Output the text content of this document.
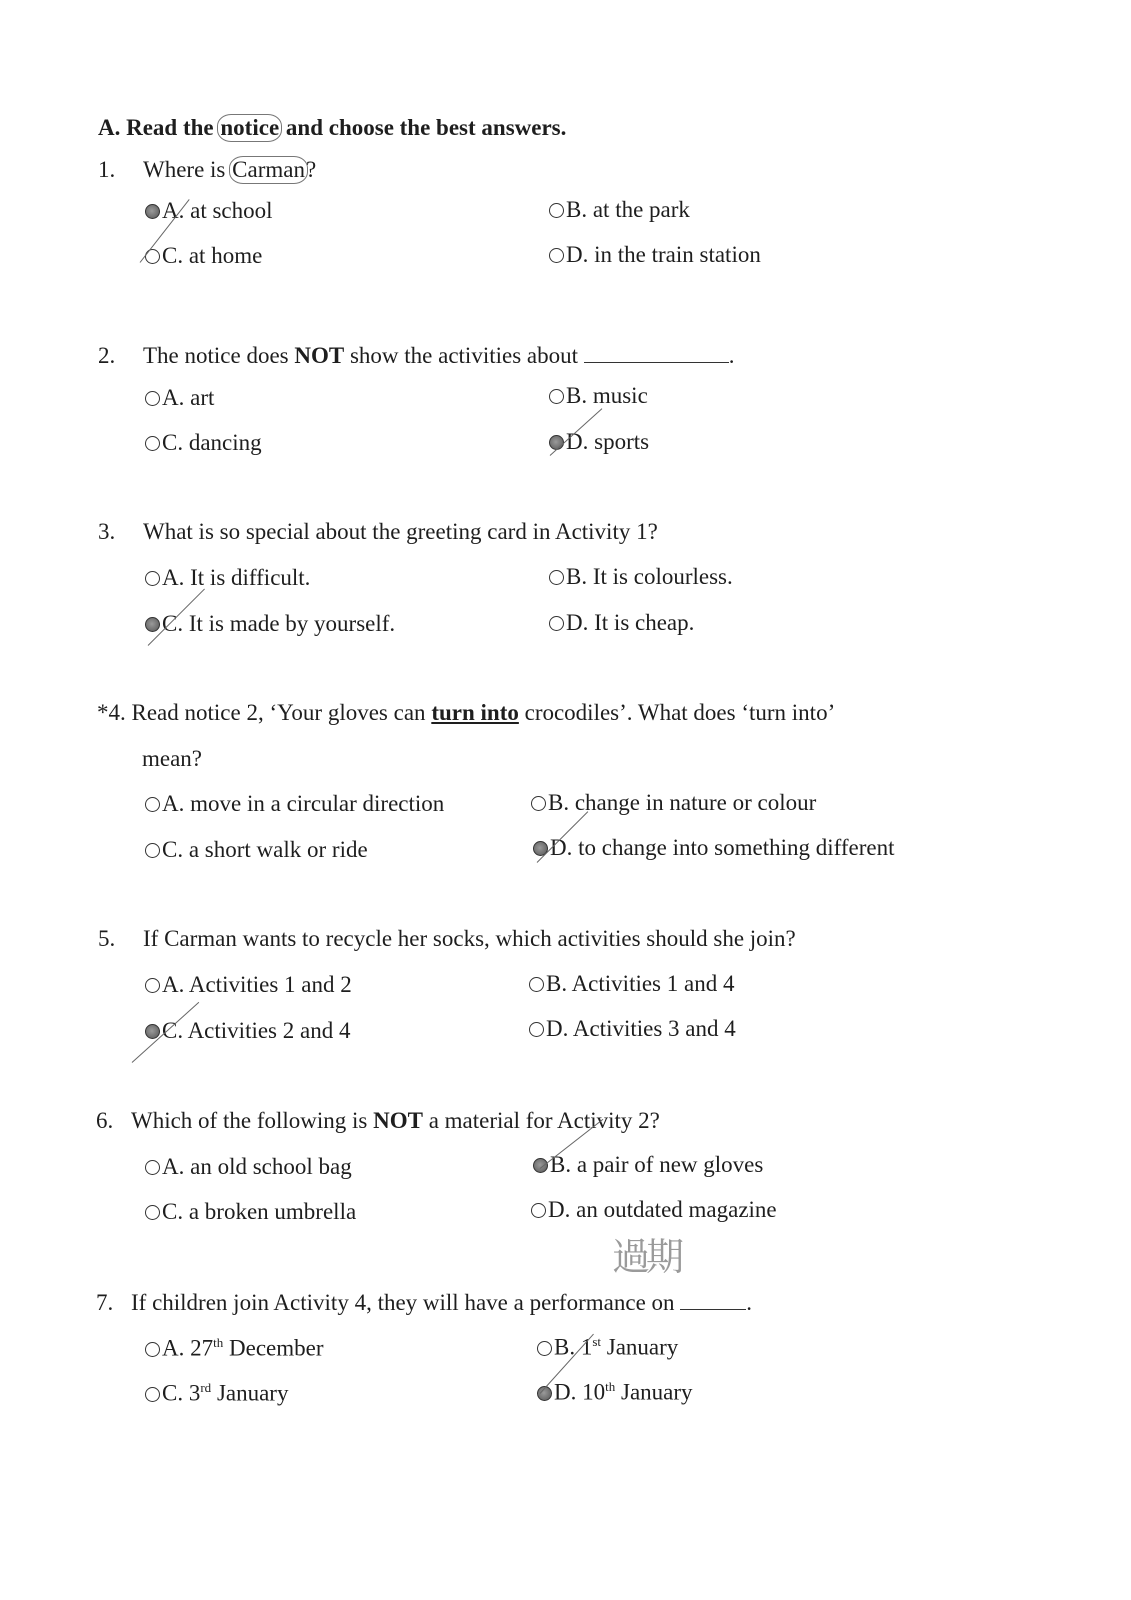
A. Read the notice and choose the best answers.
1. Where is Carman?
A. at school	B. at the park
C. at home	D. in the train station
2. The notice does NOT show the activities about	.
A. art	B. music
C. dancing	D. sports
3. What is so special about the greeting card in Activity 1?
A. It is difficult.	B. It is colourless.
C. It is made by yourself.	D. It is cheap.
*4. Read notice 2, ‘Your gloves can turn into crocodiles’. What does ‘turn into’
mean?
A. move in a circular direction	B. change in nature or colour
C. a short walk or ride	D. to change into something different
5. If Carman wants to recycle her socks, which activities should she join?
A. Activities 1 and 2	B. Activities 1 and 4
C. Activities 2 and 4	D. Activities 3 and 4
6. Which of the following is NOT a material for Activity 2?
A. an old school bag	B. a pair of new gloves
C. a broken umbrella	D. an outdated magazine
過期
7. If children join Activity 4, they will have a performance on	.
A. 27th December	B. 1st January
C. 3rd January	D. 10th January
